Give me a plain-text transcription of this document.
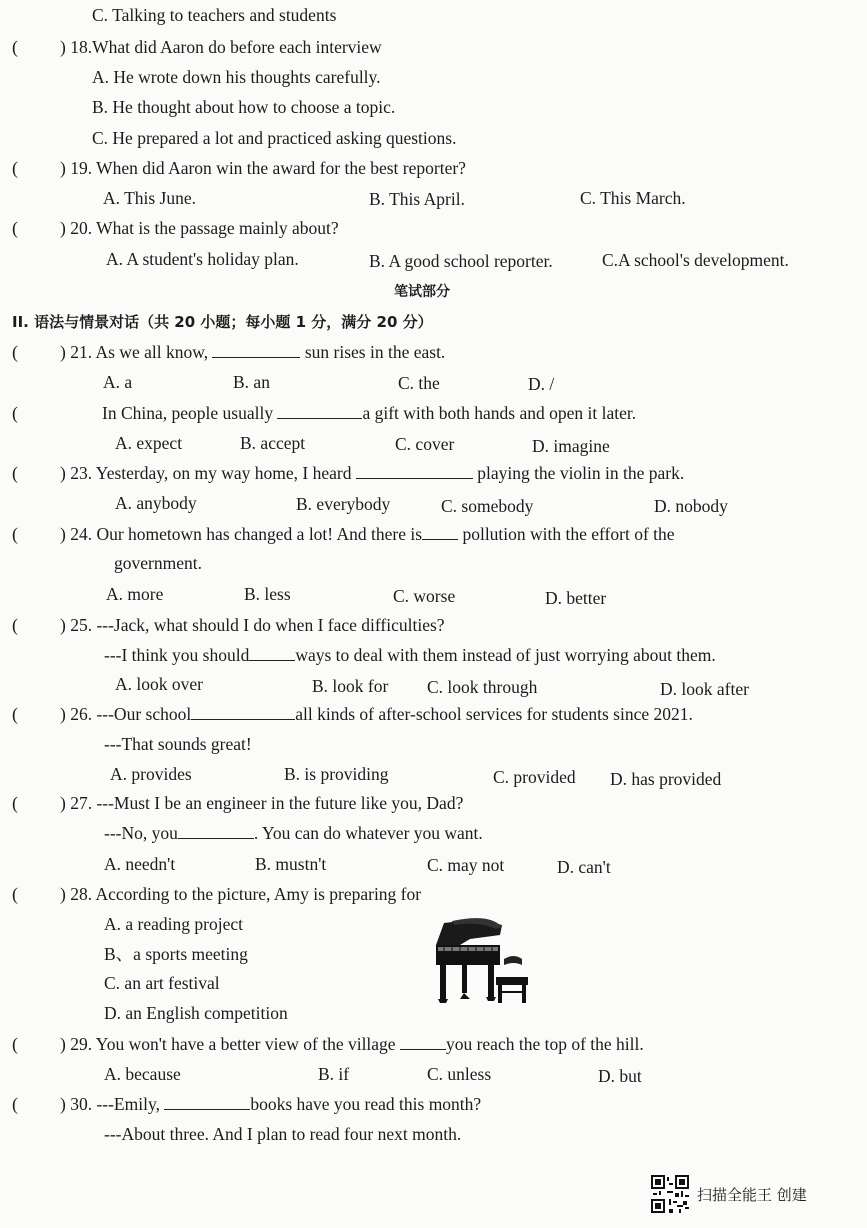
C. Talking to teachers and students
( ) 18.What did Aaron do before each interview
A. He wrote down his thoughts carefully.
B. He thought about how to choose a topic.
C. He prepared a lot and practiced asking questions.
( ) 19. When did Aaron win the award for the best reporter?
A. This June.	B. This April.	C. This March.
( ) 20. What is the passage mainly about?
A. A student's holiday plan.	B. A good school reporter.	C.A school's development.
笔试部分
II. 语法与情景对话（共 20 小题；每小题 1 分，满分 20 分）
( ) 21. As we all know,	sun rises in the east.
A. a	B. an	C. the	D. /
(	In China, people usually	a gift with both hands and open it later.
A. expect	B. accept	C. cover	D. imagine
( ) 23. Yesterday, on my way home, I heard	playing the violin in the park.
A. anybody	B. everybody	C. somebody	D. nobody
( ) 24. Our hometown has changed a lot! And there is pollution with the effort of the
government.
A. more	B. less	C. worse	D. better
( ) 25. ---Jack, what should I do when I face difficulties?
---I think you should	ways to deal with them instead of just worrying about them.
A. look over	B. look for C. look through	D. look after
( ) 26. ---Our school	all kinds of after-school services for students since 2021.
---That sounds great!
A. provides	B. is providing	C. provided D. has provided
( ) 27. ---Must I be an engineer in the future like you, Dad?
---No, you	. You can do whatever you want.
A. needn't	B. mustn't	C. may not	D. can't
( ) 28. According to the picture, Amy is preparing for
A. a reading project
B、a sports meeting
C. an art festival
D. an English competition
( ) 29. You won't have a better view of the village	you reach the top of the hill.
A. because	B. if	C. unless	D. but
( ) 30. ---Emily,	books have you read this month?
---About three. And I plan to read four next month.
扫描全能王 创建
